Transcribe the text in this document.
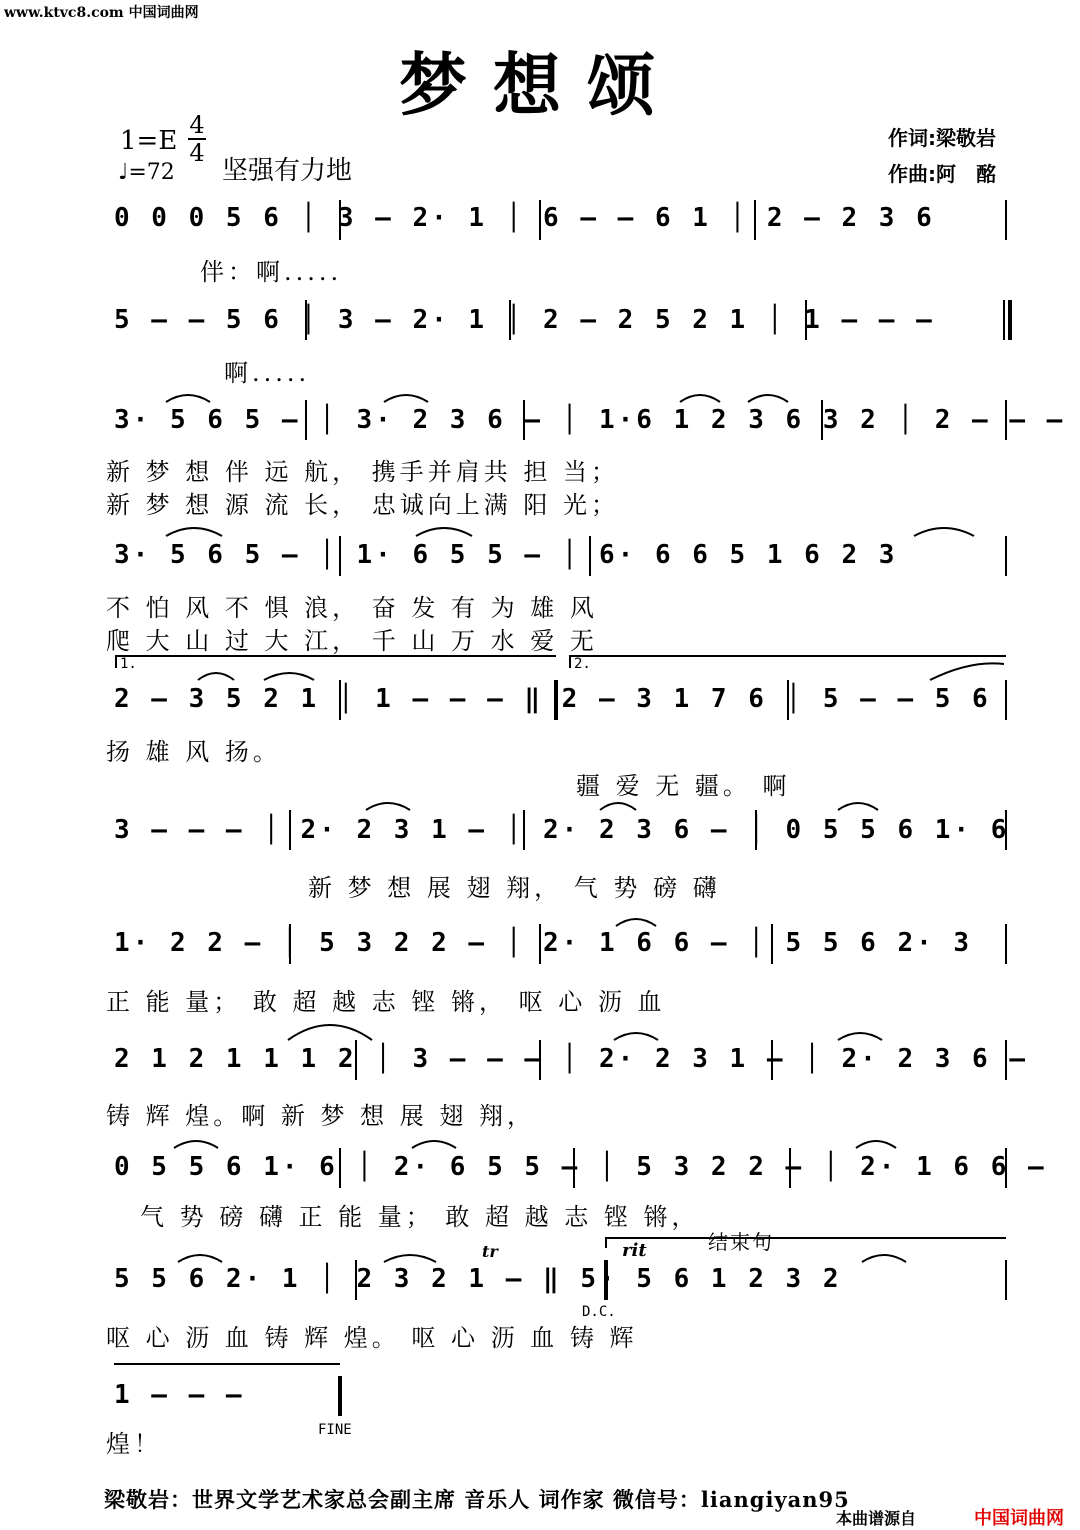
www.ktvc8.com 中国词曲网
梦想颂
1=E
4
4
♩=72 坚强有力地
作词:梁敬岩
作曲:阿　酩
0 0 0 5 6 │ 3 – 2· 1 │ 6 – – 6 1 │ 2 – 2 3 6
伴：啊.....
5 – – 5 6 │ 3 – 2· 1 │ 2 – 2 5 2 1 │ 1 – – –
啊.....
3· 5 6 5 – │ 3· 2 3 6 – │ 1·6 1 2 3 6 3 2 │ 2 – – –
新 梦 想 伴 远 航， 携手并肩共 担 当；
新 梦 想 源 流 长， 忠诚向上满 阳 光；
3· 5 6 5 – │ 1· 6 5 5 – │ 6· 6 6 5 1 6 2 3
不 怕 风 不 惧 浪， 奋 发 有 为 雄 风
爬 大 山 过 大 江， 千 山 万 水 爱 无
1.	2.
2 – 3 5 2 1 │ 1 – – – ‖ 2 – 3 1 7 6 │ 5 – – 5 6
扬 雄 风 扬。
疆 爱 无 疆。 啊
3 – – – │ 2· 2 3 1 – │ 2· 2 3 6 – │ 0 5 5 6 1· 6
新 梦 想 展 翅 翔， 气 势 磅 礴
1· 2 2 – │ 5 3 2 2 – │ 2· 1 6 6 – │ 5 5 6 2· 3
正 能 量； 敢 超 越 志 铿 锵， 呕 心 沥 血
2 1 2 1 1 1 2 │ 3 – – – │ 2· 2 3 1 – │ 2· 2 3 6 –
铸 辉 煌。啊 新 梦 想 展 翅 翔，
0 5 5 6 1· 6 │ 2· 6 5 5 – │ 5 3 2 2 – │ 2· 1 6 6 –
气 势 磅 礴 正 能 量； 敢 超 越 志 铿 锵，
tr	rit	结束句
5 5 6 2· 1 │ 2 3 2 1 – ‖ 5· 5 6 1 2 3 2
D.C.
呕 心 沥 血 铸 辉 煌。 呕 心 沥 血 铸 辉
1 – – –
FINE
煌！
梁敬岩：世界文学艺术家总会副主席 音乐人 词作家 微信号：liangiyan95
本曲谱源自	中国词曲网
